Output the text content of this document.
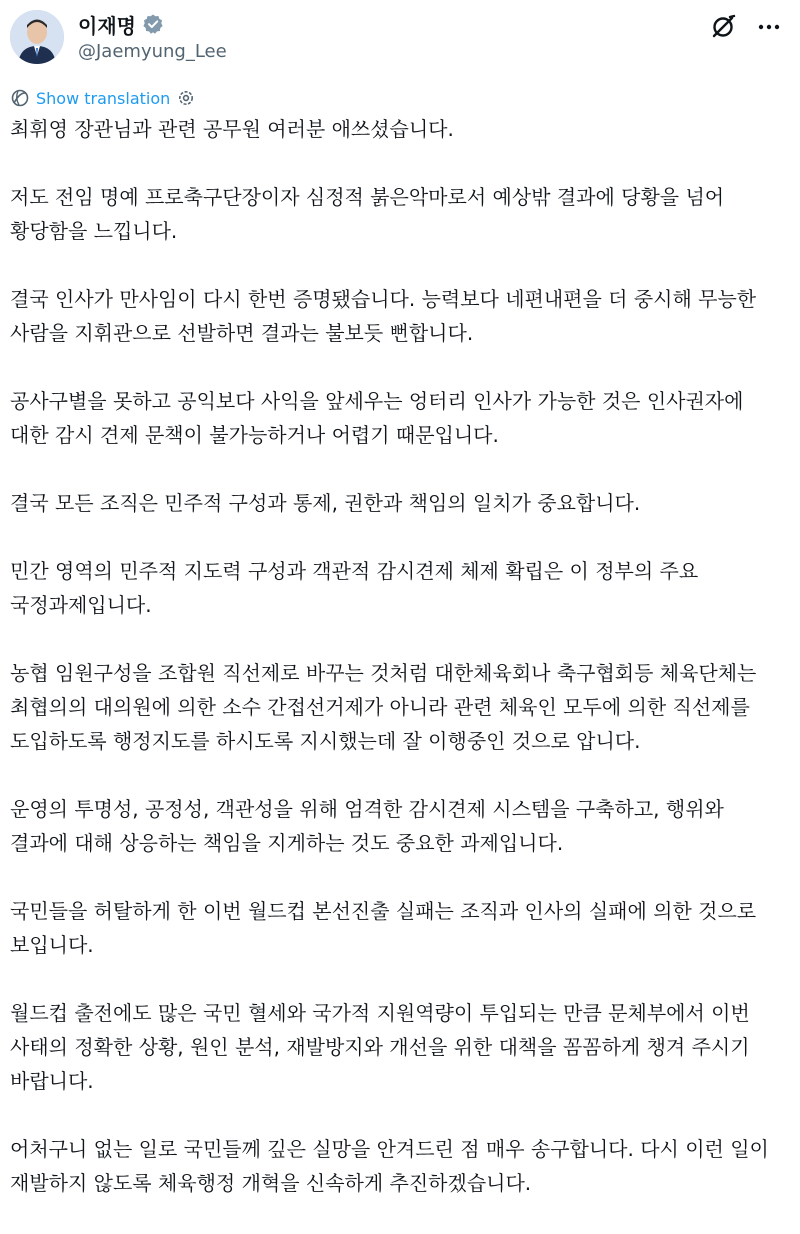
이재명
@Jaemyung_Lee
Show translation

최휘영 장관님과 관련 공무원 여러분 애쓰셨습니다.

저도 전임 명예 프로축구단장이자 심정적 붉은악마로서 예상밖 결과에 당황을 넘어 황당함을 느낍니다.

결국 인사가 만사임이 다시 한번 증명됐습니다. 능력보다 네편내편을 더 중시해 무능한 사람을 지휘관으로 선발하면 결과는 불보듯 뻔합니다.

공사구별을 못하고 공익보다 사익을 앞세우는 엉터리 인사가 가능한 것은 인사권자에 대한 감시 견제 문책이 불가능하거나 어렵기 때문입니다.

결국 모든 조직은 민주적 구성과 통제, 권한과 책임의 일치가 중요합니다.

민간 영역의 민주적 지도력 구성과 객관적 감시견제 체제 확립은 이 정부의 주요 국정과제입니다.

농협 임원구성을 조합원 직선제로 바꾸는 것처럼 대한체육회나 축구협회등 체육단체는 최협의의 대의원에 의한 소수 간접선거제가 아니라 관련 체육인 모두에 의한 직선제를 도입하도록 행정지도를 하시도록 지시했는데 잘 이행중인 것으로 압니다.

운영의 투명성, 공정성, 객관성을 위해 엄격한 감시견제 시스템을 구축하고, 행위와 결과에 대해 상응하는 책임을 지게하는 것도 중요한 과제입니다.

국민들을 허탈하게 한 이번 월드컵 본선진출 실패는 조직과 인사의 실패에 의한 것으로 보입니다.

월드컵 출전에도 많은 국민 혈세와 국가적 지원역량이 투입되는 만큼 문체부에서 이번 사태의 정확한 상황, 원인 분석, 재발방지와 개선을 위한 대책을 꼼꼼하게 챙겨 주시기 바랍니다.

어처구니 없는 일로 국민들께 깊은 실망을 안겨드린 점 매우 송구합니다. 다시 이런 일이 재발하지 않도록 체육행정 개혁을 신속하게 추진하겠습니다.
